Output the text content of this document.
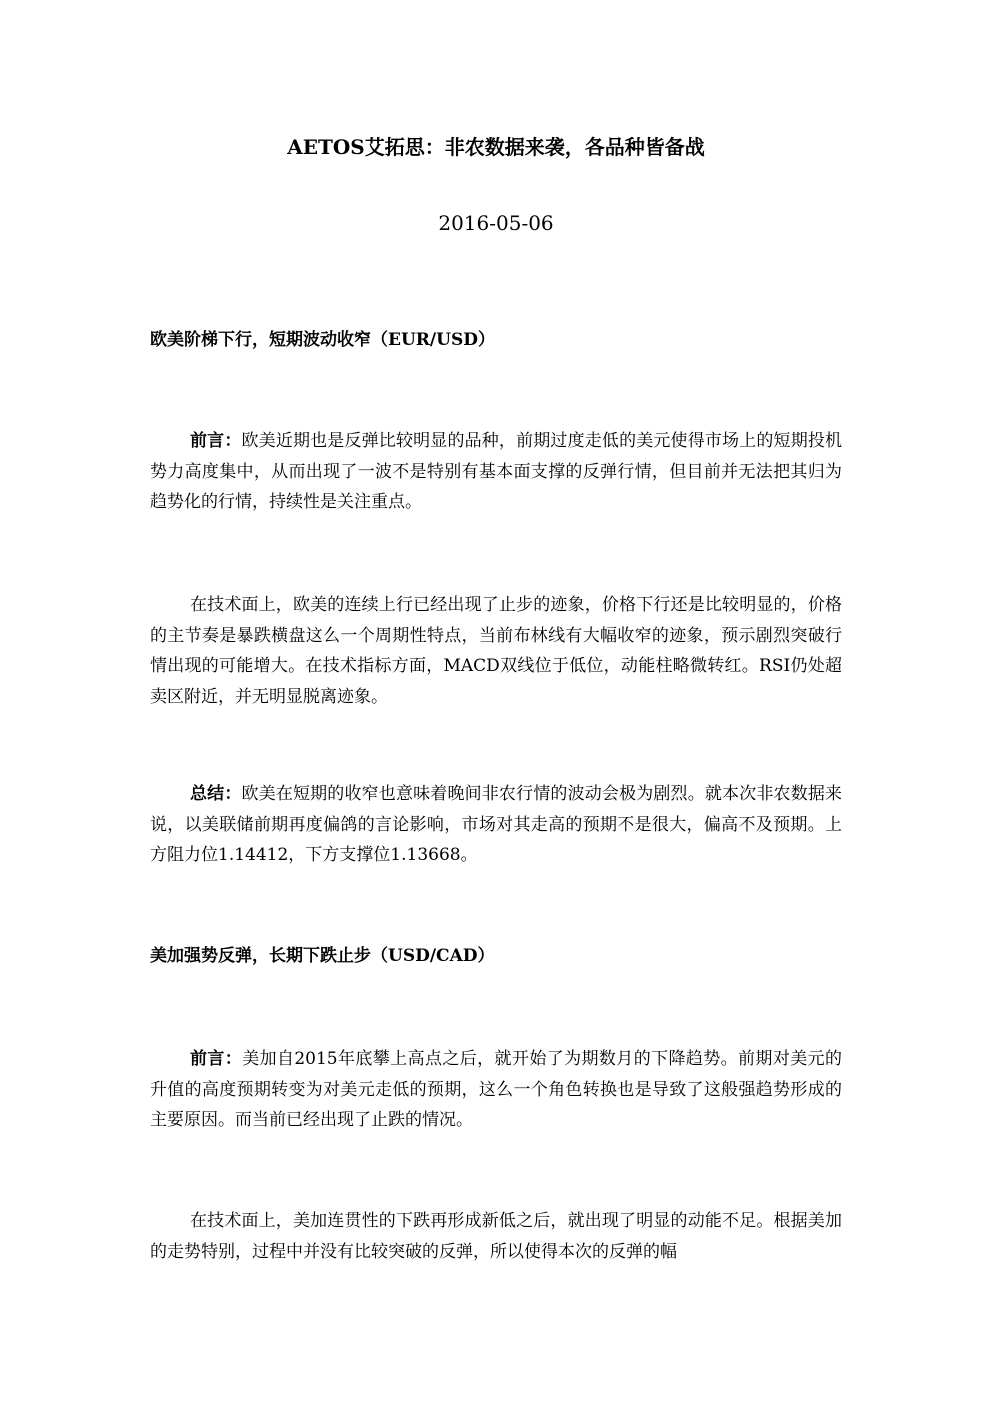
AETOS艾拓思：非农数据来袭，各品种皆备战
2016-05-06
欧美阶梯下行，短期波动收窄（EUR/USD）

前言：欧美近期也是反弹比较明显的品种，前期过度走低的美元使得市场上的短期投机势力高度集中，从而出现了一波不是特别有基本面支撑的反弹行情，但目前并无法把其归为趋势化的行情，持续性是关注重点。

在技术面上，欧美的连续上行已经出现了止步的迹象，价格下行还是比较明显的，价格的主节奏是暴跌横盘这么一个周期性特点，当前布林线有大幅收窄的迹象，预示剧烈突破行情出现的可能增大。在技术指标方面，MACD双线位于低位，动能柱略微转红。RSI仍处超卖区附近，并无明显脱离迹象。

总结：欧美在短期的收窄也意味着晚间非农行情的波动会极为剧烈。就本次非农数据来说，以美联储前期再度偏鸽的言论影响，市场对其走高的预期不是很大，偏高不及预期。上方阻力位1.14412，下方支撑位1.13668。

美加强势反弹，长期下跌止步（USD/CAD）

前言：美加自2015年底攀上高点之后，就开始了为期数月的下降趋势。前期对美元的升值的高度预期转变为对美元走低的预期，这么一个角色转换也是导致了这般强趋势形成的主要原因。而当前已经出现了止跌的情况。

在技术面上，美加连贯性的下跌再形成新低之后，就出现了明显的动能不足。根据美加的走势特别，过程中并没有比较突破的反弹，所以使得本次的反弹的幅
